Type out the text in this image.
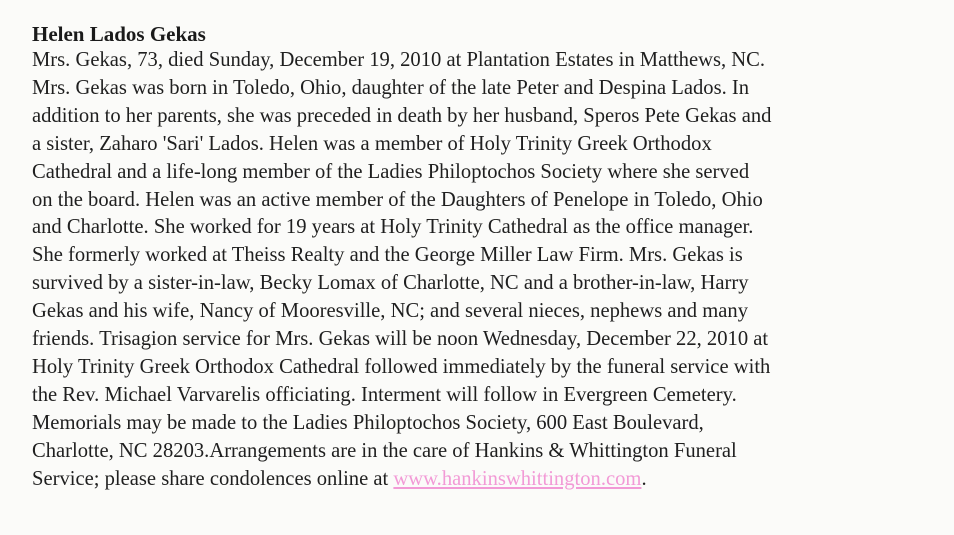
Helen Lados Gekas
Mrs. Gekas, 73, died Sunday, December 19, 2010 at Plantation Estates in Matthews, NC.
Mrs. Gekas was born in Toledo, Ohio, daughter of the late Peter and Despina Lados. In
addition to her parents, she was preceded in death by her husband, Speros Pete Gekas and
a sister, Zaharo 'Sari' Lados. Helen was a member of Holy Trinity Greek Orthodox
Cathedral and a life-long member of the Ladies Philoptochos Society where she served
on the board. Helen was an active member of the Daughters of Penelope in Toledo, Ohio
and Charlotte. She worked for 19 years at Holy Trinity Cathedral as the office manager.
She formerly worked at Theiss Realty and the George Miller Law Firm. Mrs. Gekas is
survived by a sister-in-law, Becky Lomax of Charlotte, NC and a brother-in-law, Harry
Gekas and his wife, Nancy of Mooresville, NC; and several nieces, nephews and many
friends. Trisagion service for Mrs. Gekas will be noon Wednesday, December 22, 2010 at
Holy Trinity Greek Orthodox Cathedral followed immediately by the funeral service with
the Rev. Michael Varvarelis officiating. Interment will follow in Evergreen Cemetery.
Memorials may be made to the Ladies Philoptochos Society, 600 East Boulevard,
Charlotte, NC 28203.Arrangements are in the care of Hankins & Whittington Funeral
Service; please share condolences online at www.hankinswhittington.com.
